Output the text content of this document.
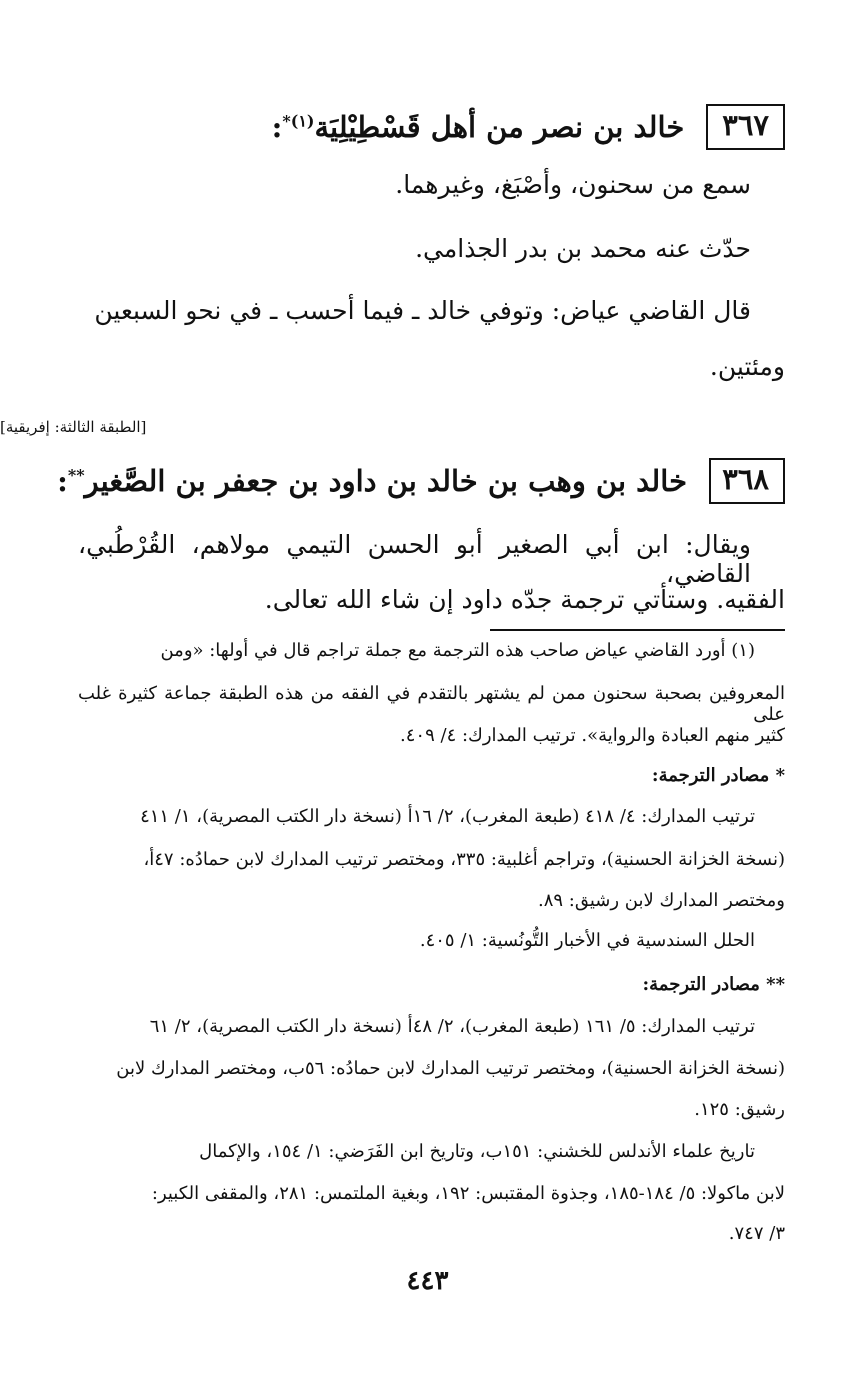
٣٦٧
خالد بن نصر من أهل قَسْطِيْلِيَة$^{(١)*}$:
سمع من سحنون، وأصْبَغ، وغيرهما.
حدّث عنه محمد بن بدر الجذامي.
قال القاضي عياض: وتوفي خالد ـ فيما أحسب ـ في نحو السبعين
ومئتين.
[الطبقة الثالثة: إفريقية]
٣٦٨
خالد بن وهب بن خالد بن داود بن جعفر بن الصَّغير**:
ويقال: ابن أبي الصغير أبو الحسن التيمي مولاهم، القُرْطُبي، القاضي،
الفقيه. وستأتي ترجمة جدّه داود إن شاء الله تعالى.
(١) أورد القاضي عياض صاحب هذه الترجمة مع جملة تراجم قال في أولها: «ومن
المعروفين بصحبة سحنون ممن لم يشتهر بالتقدم في الفقه من هذه الطبقة جماعة كثيرة غلب على
كثير منهم العبادة والرواية». ترتيب المدارك: ٤/ ٤٠٩.
* مصادر الترجمة:
ترتيب المدارك: ٤/ ٤١٨ (طبعة المغرب)، ٢/ ١٦أ (نسخة دار الكتب المصرية)، ١/ ٤١١
(نسخة الخزانة الحسنية)، وتراجم أغلبية: ٣٣٥، ومختصر ترتيب المدارك لابن حمادُه: ٤٧أ،
ومختصر المدارك لابن رشيق: ٨٩.
الحلل السندسية في الأخبار التُّونُسية: ١/ ٤٠٥.
** مصادر الترجمة:
ترتيب المدارك: ٥/ ١٦١ (طبعة المغرب)، ٢/ ٤٨أ (نسخة دار الكتب المصرية)، ٢/ ٦١
(نسخة الخزانة الحسنية)، ومختصر ترتيب المدارك لابن حمادُه: ٥٦ب، ومختصر المدارك لابن
رشيق: ١٢٥.
تاريخ علماء الأندلس للخشني: ١٥١ب، وتاريخ ابن الفَرَضي: ١/ ١٥٤، والإكمال
لابن ماكولا: ٥/ ١٨٤-١٨٥، وجذوة المقتبس: ١٩٢، وبغية الملتمس: ٢٨١، والمقفى الكبير:
٣/ ٧٤٧.
٤٤٣
